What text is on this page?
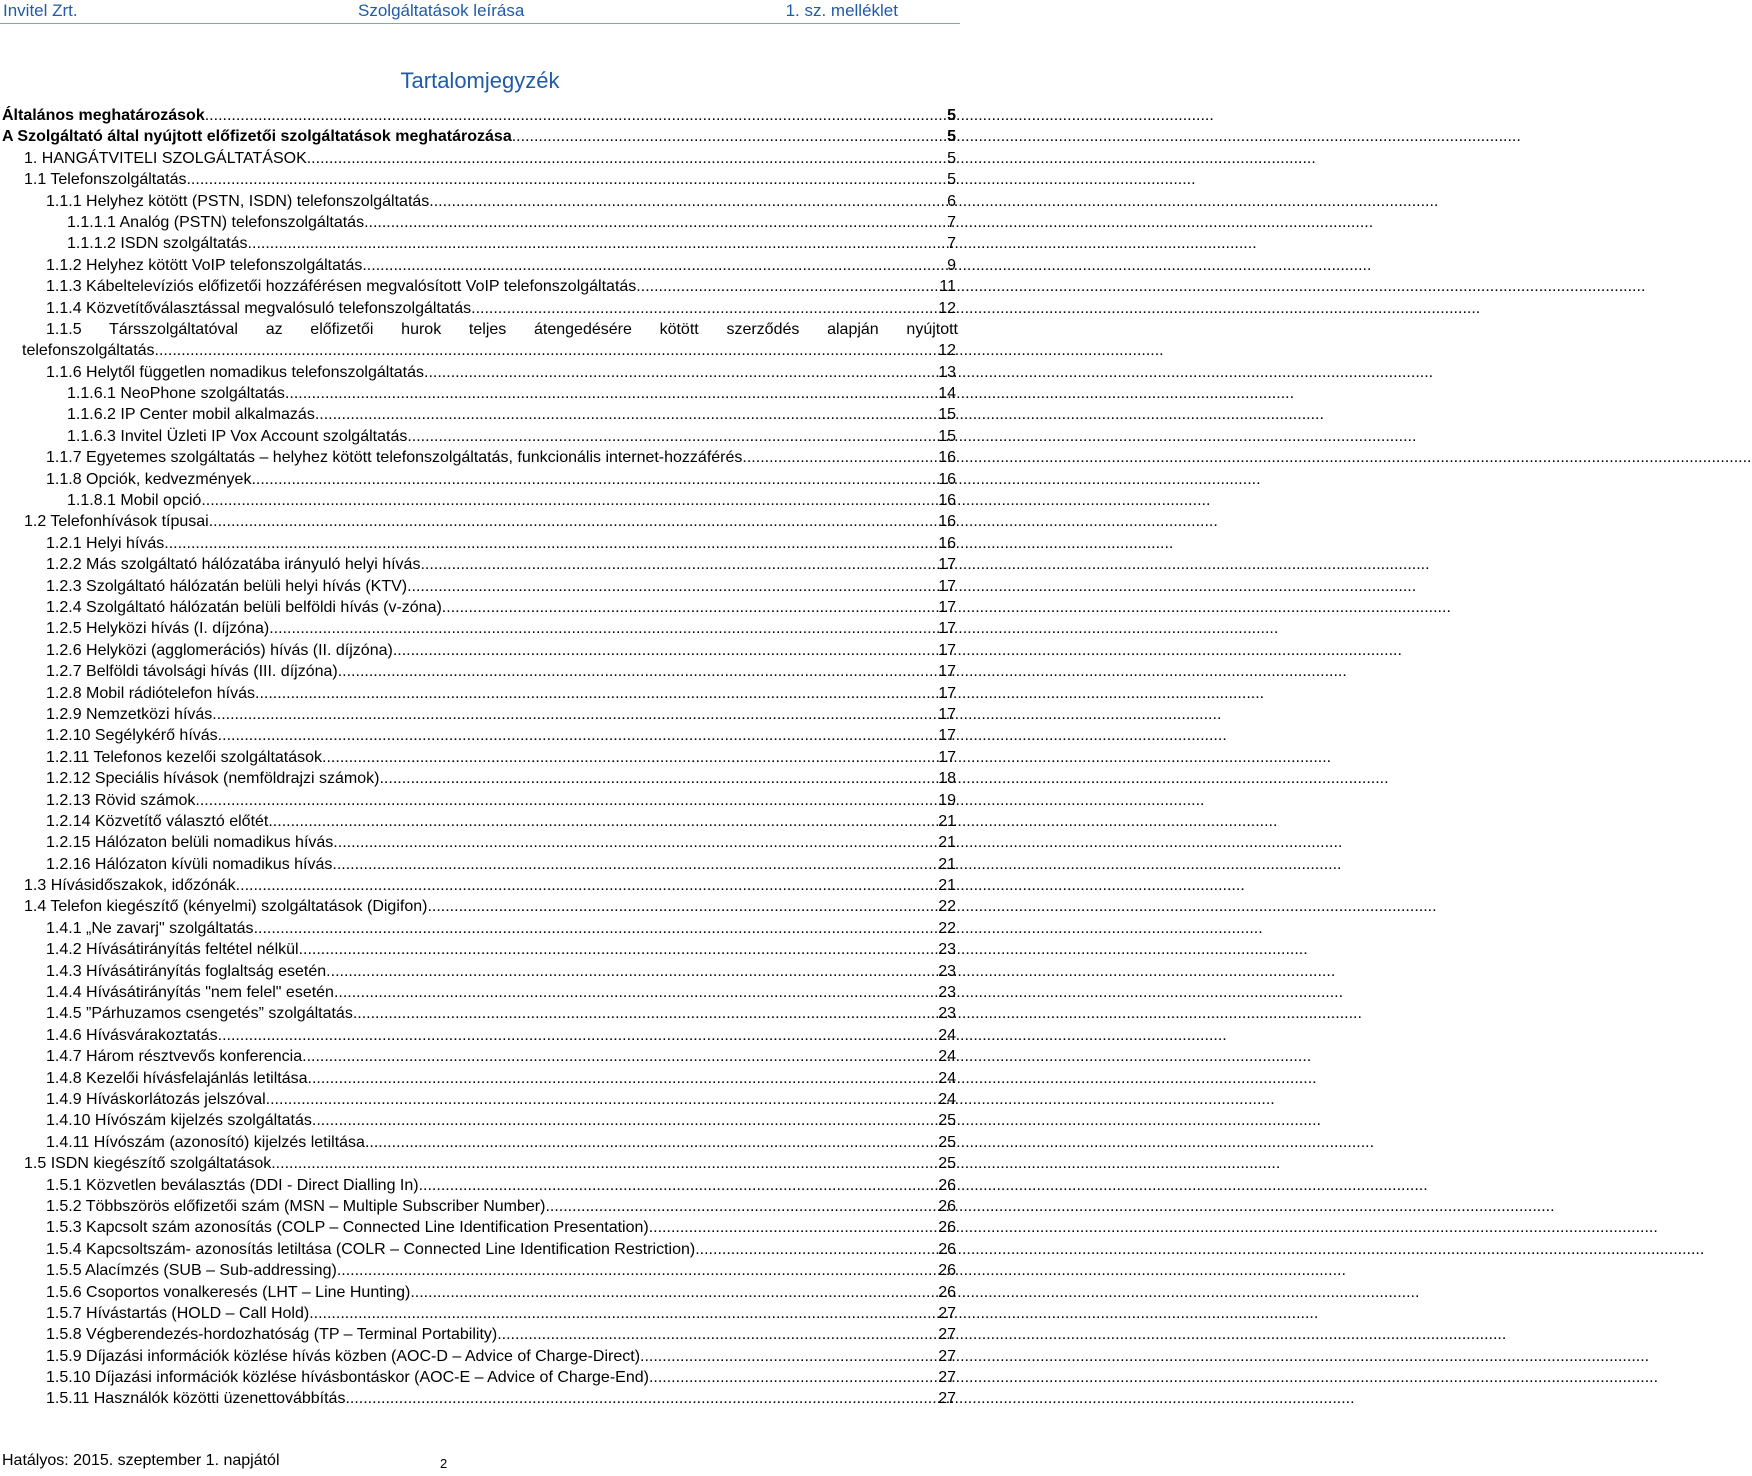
Invitel Zrt.	Szolgáltatások leírása	1. sz. melléklet
Tartalomjegyzék
Általános meghatározások .....	5
A Szolgáltató által nyújtott előfizetői szolgáltatások meghatározása .....	5
1. HANGÁTVITELI SZOLGÁLTATÁSOK .....	5
1.1 Telefonszolgáltatás .....	5
1.1.1 Helyhez kötött (PSTN, ISDN) telefonszolgáltatás .....	6
1.1.1.1 Analóg (PSTN) telefonszolgáltatás .....	7
1.1.1.2 ISDN szolgáltatás .....	7
1.1.2 Helyhez kötött VoIP telefonszolgáltatás .....	9
1.1.3 Kábeltelevíziós előfizetői hozzáférésen megvalósított VoIP telefonszolgáltatás .....	11
1.1.4 Közvetítőválasztással megvalósuló telefonszolgáltatás .....	12
1.1.5 Társszolgáltatóval az előfizetői hurok teljes átengedésére kötött szerződés alapján nyújtott
telefonszolgáltatás .....	12
1.1.6 Helytől független nomadikus telefonszolgáltatás .....	13
1.1.6.1 NeoPhone szolgáltatás .....	14
1.1.6.2 IP Center mobil alkalmazás .....	15
1.1.6.3 Invitel Üzleti IP Vox Account szolgáltatás .....	15
1.1.7 Egyetemes szolgáltatás – helyhez kötött telefonszolgáltatás, funkcionális internet-hozzáférés .....	16
1.1.8 Opciók, kedvezmények .....	16
1.1.8.1 Mobil opció .....	16
1.2 Telefonhívások típusai .....	16
1.2.1 Helyi hívás .....	16
1.2.2 Más szolgáltató hálózatába irányuló helyi hívás .....	17
1.2.3 Szolgáltató hálózatán belüli helyi hívás (KTV) .....	17
1.2.4 Szolgáltató hálózatán belüli belföldi hívás (v-zóna) .....	17
1.2.5 Helyközi hívás (I. díjzóna) .....	17
1.2.6 Helyközi (agglomerációs) hívás (II. díjzóna) .....	17
1.2.7 Belföldi távolsági hívás (III. díjzóna) .....	17
1.2.8 Mobil rádiótelefon hívás .....	17
1.2.9 Nemzetközi hívás .....	17
1.2.10 Segélykérő hívás .....	17
1.2.11 Telefonos kezelői szolgáltatások .....	17
1.2.12 Speciális hívások (nemföldrajzi számok) .....	18
1.2.13 Rövid számok .....	19
1.2.14 Közvetítő választó előtét .....	21
1.2.15 Hálózaton belüli nomadikus hívás .....	21
1.2.16 Hálózaton kívüli nomadikus hívás .....	21
1.3 Hívásidőszakok, időzónák .....	21
1.4 Telefon kiegészítő (kényelmi) szolgáltatások (Digifon) .....	22
1.4.1 „Ne zavarj" szolgáltatás .....	22
1.4.2 Hívásátirányítás feltétel nélkül .....	23
1.4.3 Hívásátirányítás foglaltság esetén .....	23
1.4.4 Hívásátirányítás "nem felel" esetén .....	23
1.4.5 ”Párhuzamos csengetés” szolgáltatás .....	23
1.4.6 Hívásvárakoztatás .....	24
1.4.7 Három résztvevős konferencia .....	24
1.4.8 Kezelői hívásfelajánlás letiltása .....	24
1.4.9 Híváskorlátozás jelszóval .....	24
1.4.10 Hívószám kijelzés szolgáltatás .....	25
1.4.11 Hívószám (azonosító) kijelzés letiltása .....	25
1.5 ISDN kiegészítő szolgáltatások .....	25
1.5.1 Közvetlen beválasztás (DDI - Direct Dialling In) .....	26
1.5.2 Többszörös előfizetői szám (MSN – Multiple Subscriber Number) .....	26
1.5.3 Kapcsolt szám azonosítás (COLP – Connected Line Identification Presentation) .....	26
1.5.4 Kapcsoltszám- azonosítás letiltása (COLR – Connected Line Identification Restriction) .....	26
1.5.5 Alacímzés (SUB – Sub-addressing) .....	26
1.5.6 Csoportos vonalkeresés (LHT – Line Hunting) .....	26
1.5.7 Hívástartás (HOLD – Call Hold) .....	27
1.5.8 Végberendezés-hordozhatóság (TP – Terminal Portability) .....	27
1.5.9 Díjazási információk közlése hívás közben (AOC-D – Advice of Charge-Direct) .....	27
1.5.10 Díjazási információk közlése hívásbontáskor (AOC-E – Advice of Charge-End) .....	27
1.5.11 Használók közötti üzenettovábbítás .....	27
Hatályos: 2015. szeptember 1. napjától	2
